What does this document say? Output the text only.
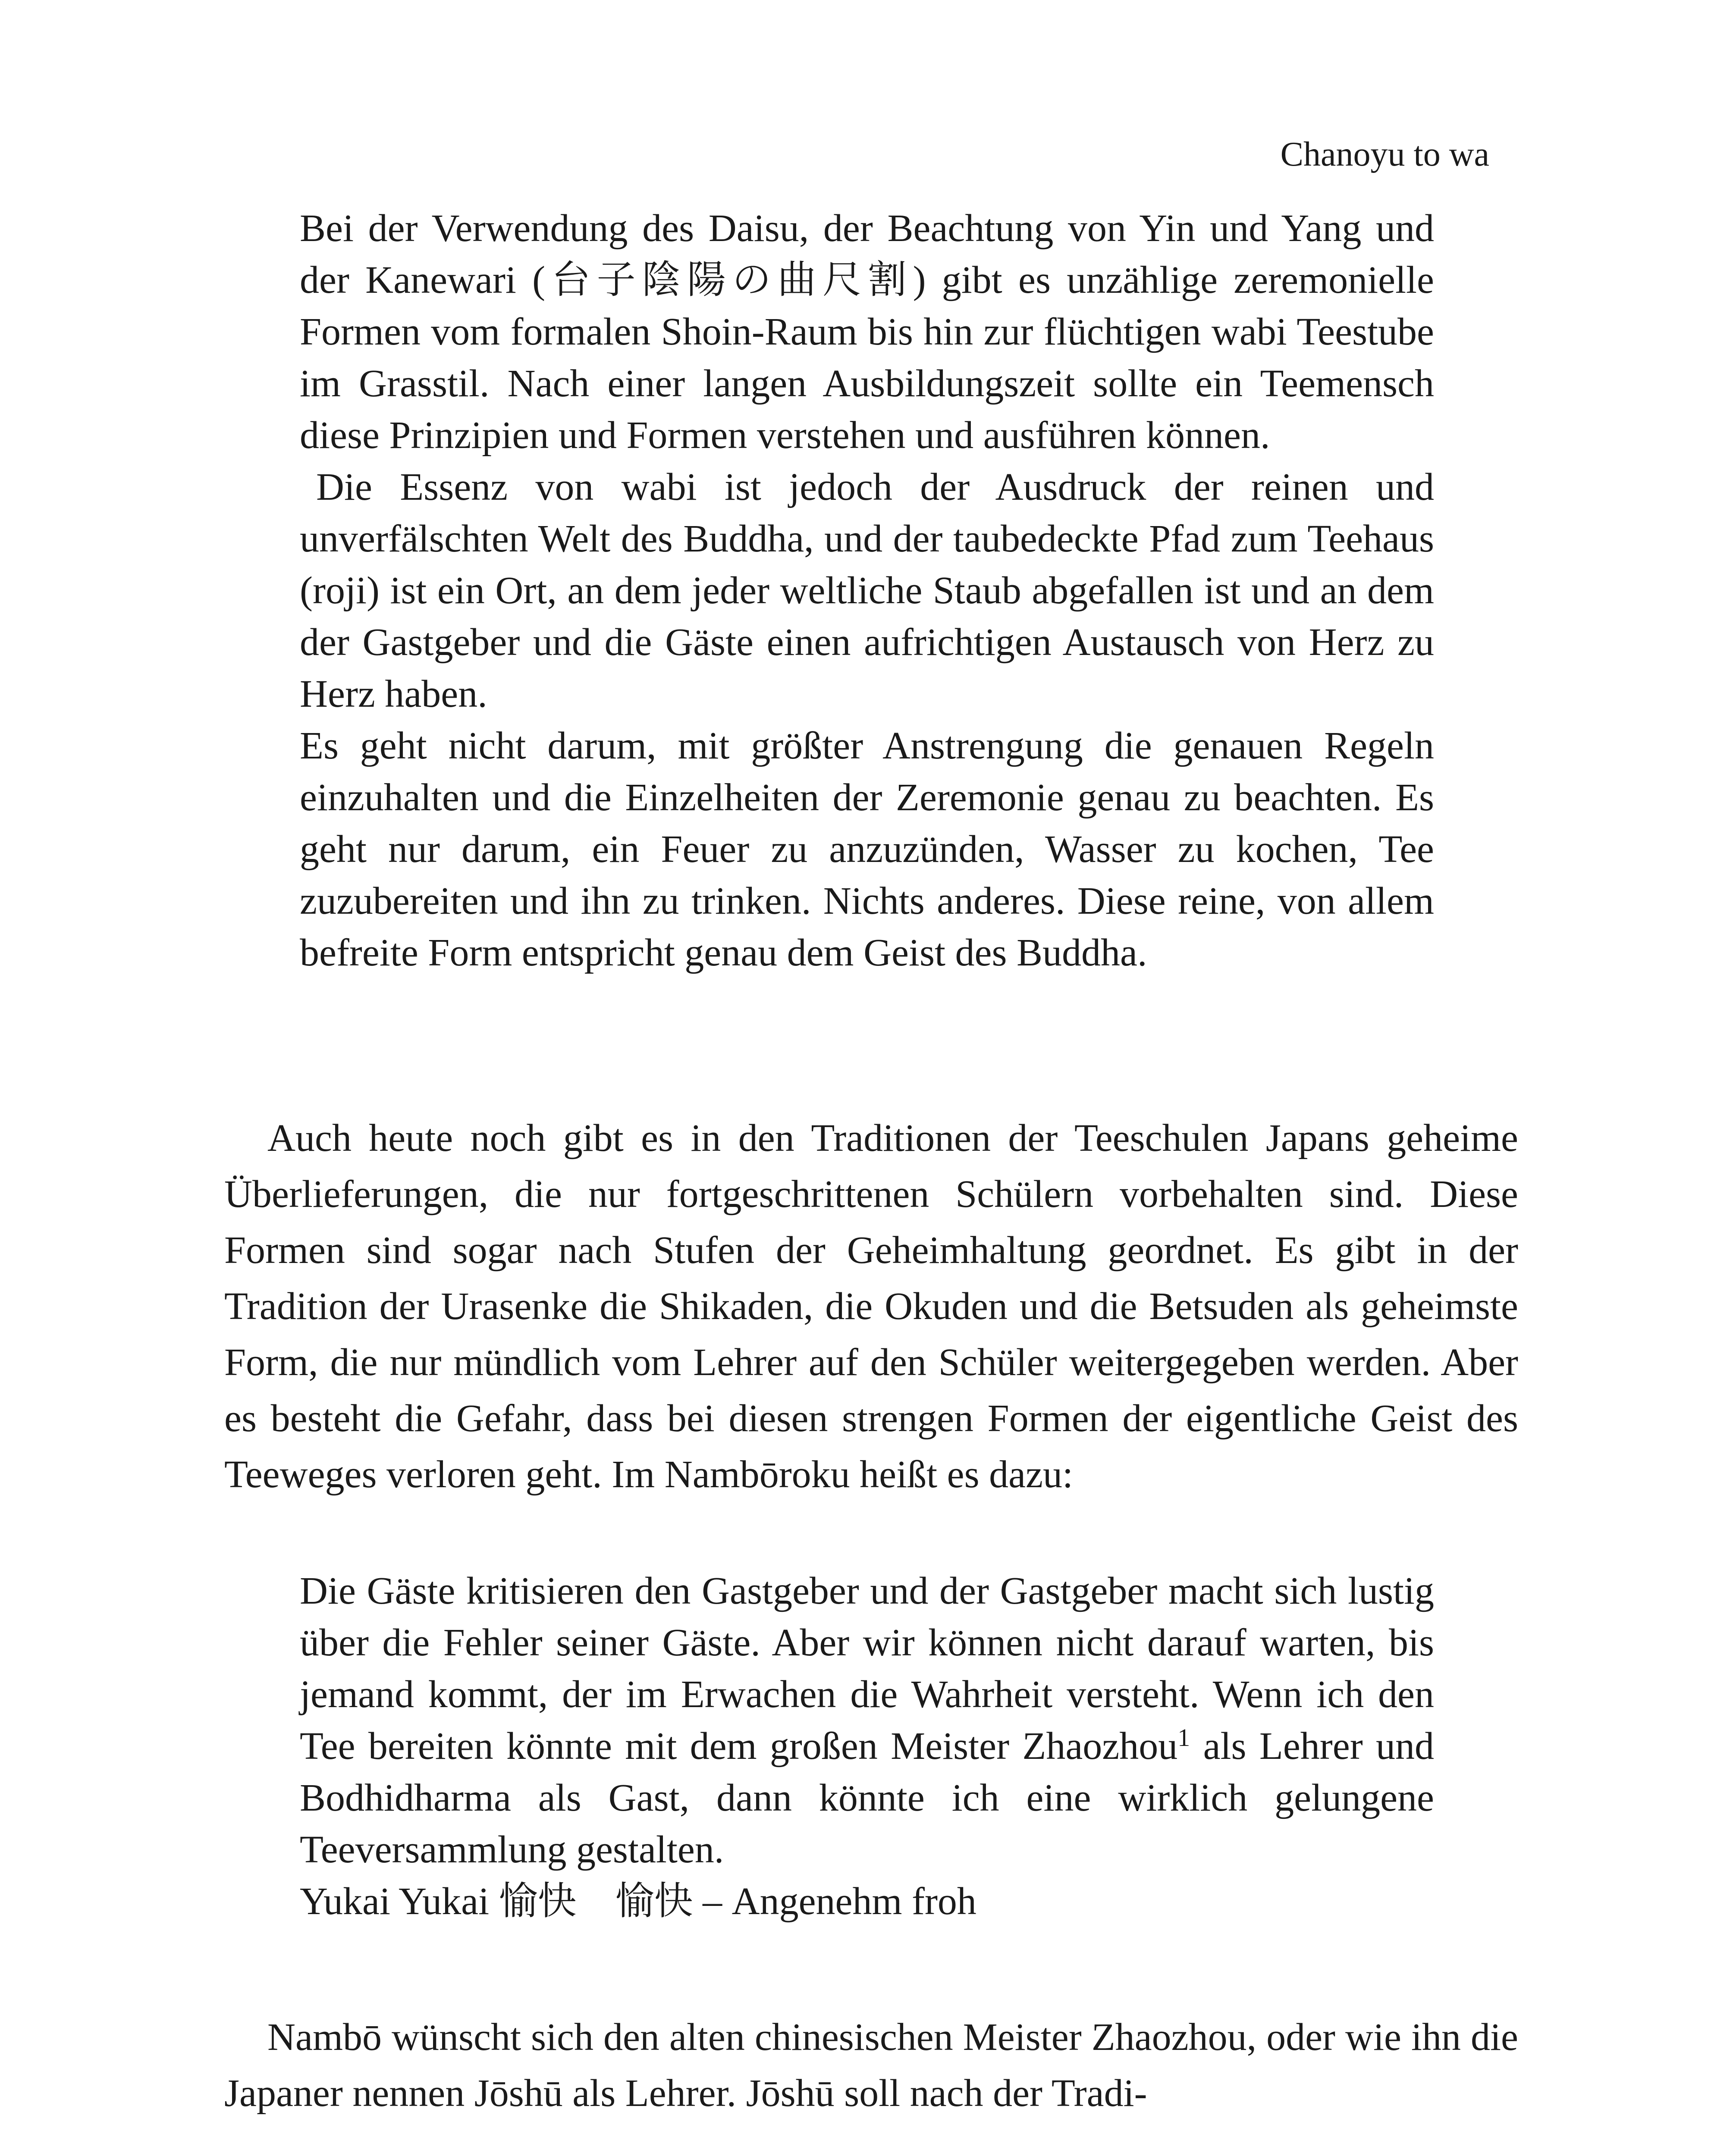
Chanoyu to wa

Bei der Verwendung des Daisu, der Beachtung von Yin und Yang und der Kanewari (台子陰陽の曲尺割) gibt es unzählige zeremonielle Formen vom formalen Shoin-Raum bis hin zur flüchtigen wabi Teestube im Grasstil. Nach einer langen Ausbildungszeit sollte ein Teemensch diese Prinzipien und Formen verstehen und ausführen können.

Die Essenz von wabi ist jedoch der Ausdruck der reinen und unverfälschten Welt des Buddha, und der taubedeckte Pfad zum Teehaus (roji) ist ein Ort, an dem jeder weltliche Staub abgefallen ist und an dem der Gastgeber und die Gäste einen aufrichtigen Austausch von Herz zu Herz haben.

Es geht nicht darum, mit größter Anstrengung die genauen Regeln einzuhalten und die Einzelheiten der Zeremonie genau zu beachten. Es geht nur darum, ein Feuer zu anzuzünden, Wasser zu kochen, Tee zuzubereiten und ihn zu trinken. Nichts anderes. Diese reine, von allem befreite Form entspricht genau dem Geist des Buddha.

Auch heute noch gibt es in den Traditionen der Teeschulen Japans geheime Überlieferungen, die nur fortgeschrittenen Schülern vorbehalten sind. Diese Formen sind sogar nach Stufen der Geheimhaltung geordnet. Es gibt in der Tradition der Urasenke die Shikaden, die Okuden und die Betsuden als geheimste Form, die nur mündlich vom Lehrer auf den Schüler weitergegeben werden. Aber es besteht die Gefahr, dass bei diesen strengen Formen der eigentliche Geist des Teeweges verloren geht. Im Nambōroku heißt es dazu:

Die Gäste kritisieren den Gastgeber und der Gastgeber macht sich lustig über die Fehler seiner Gäste. Aber wir können nicht darauf warten, bis jemand kommt, der im Erwachen die Wahrheit versteht. Wenn ich den Tee bereiten könnte mit dem großen Meister Zhaozhou$^1$ als Lehrer und Bodhidharma als Gast, dann könnte ich eine wirklich gelungene Teeversammlung gestalten.

Yukai Yukai 愉快　愉快 – Angenehm froh

Nambō wünscht sich den alten chinesischen Meister Zhaozhou, oder wie ihn die Japaner nennen Jōshū als Lehrer. Jōshū soll nach der Tradi-
